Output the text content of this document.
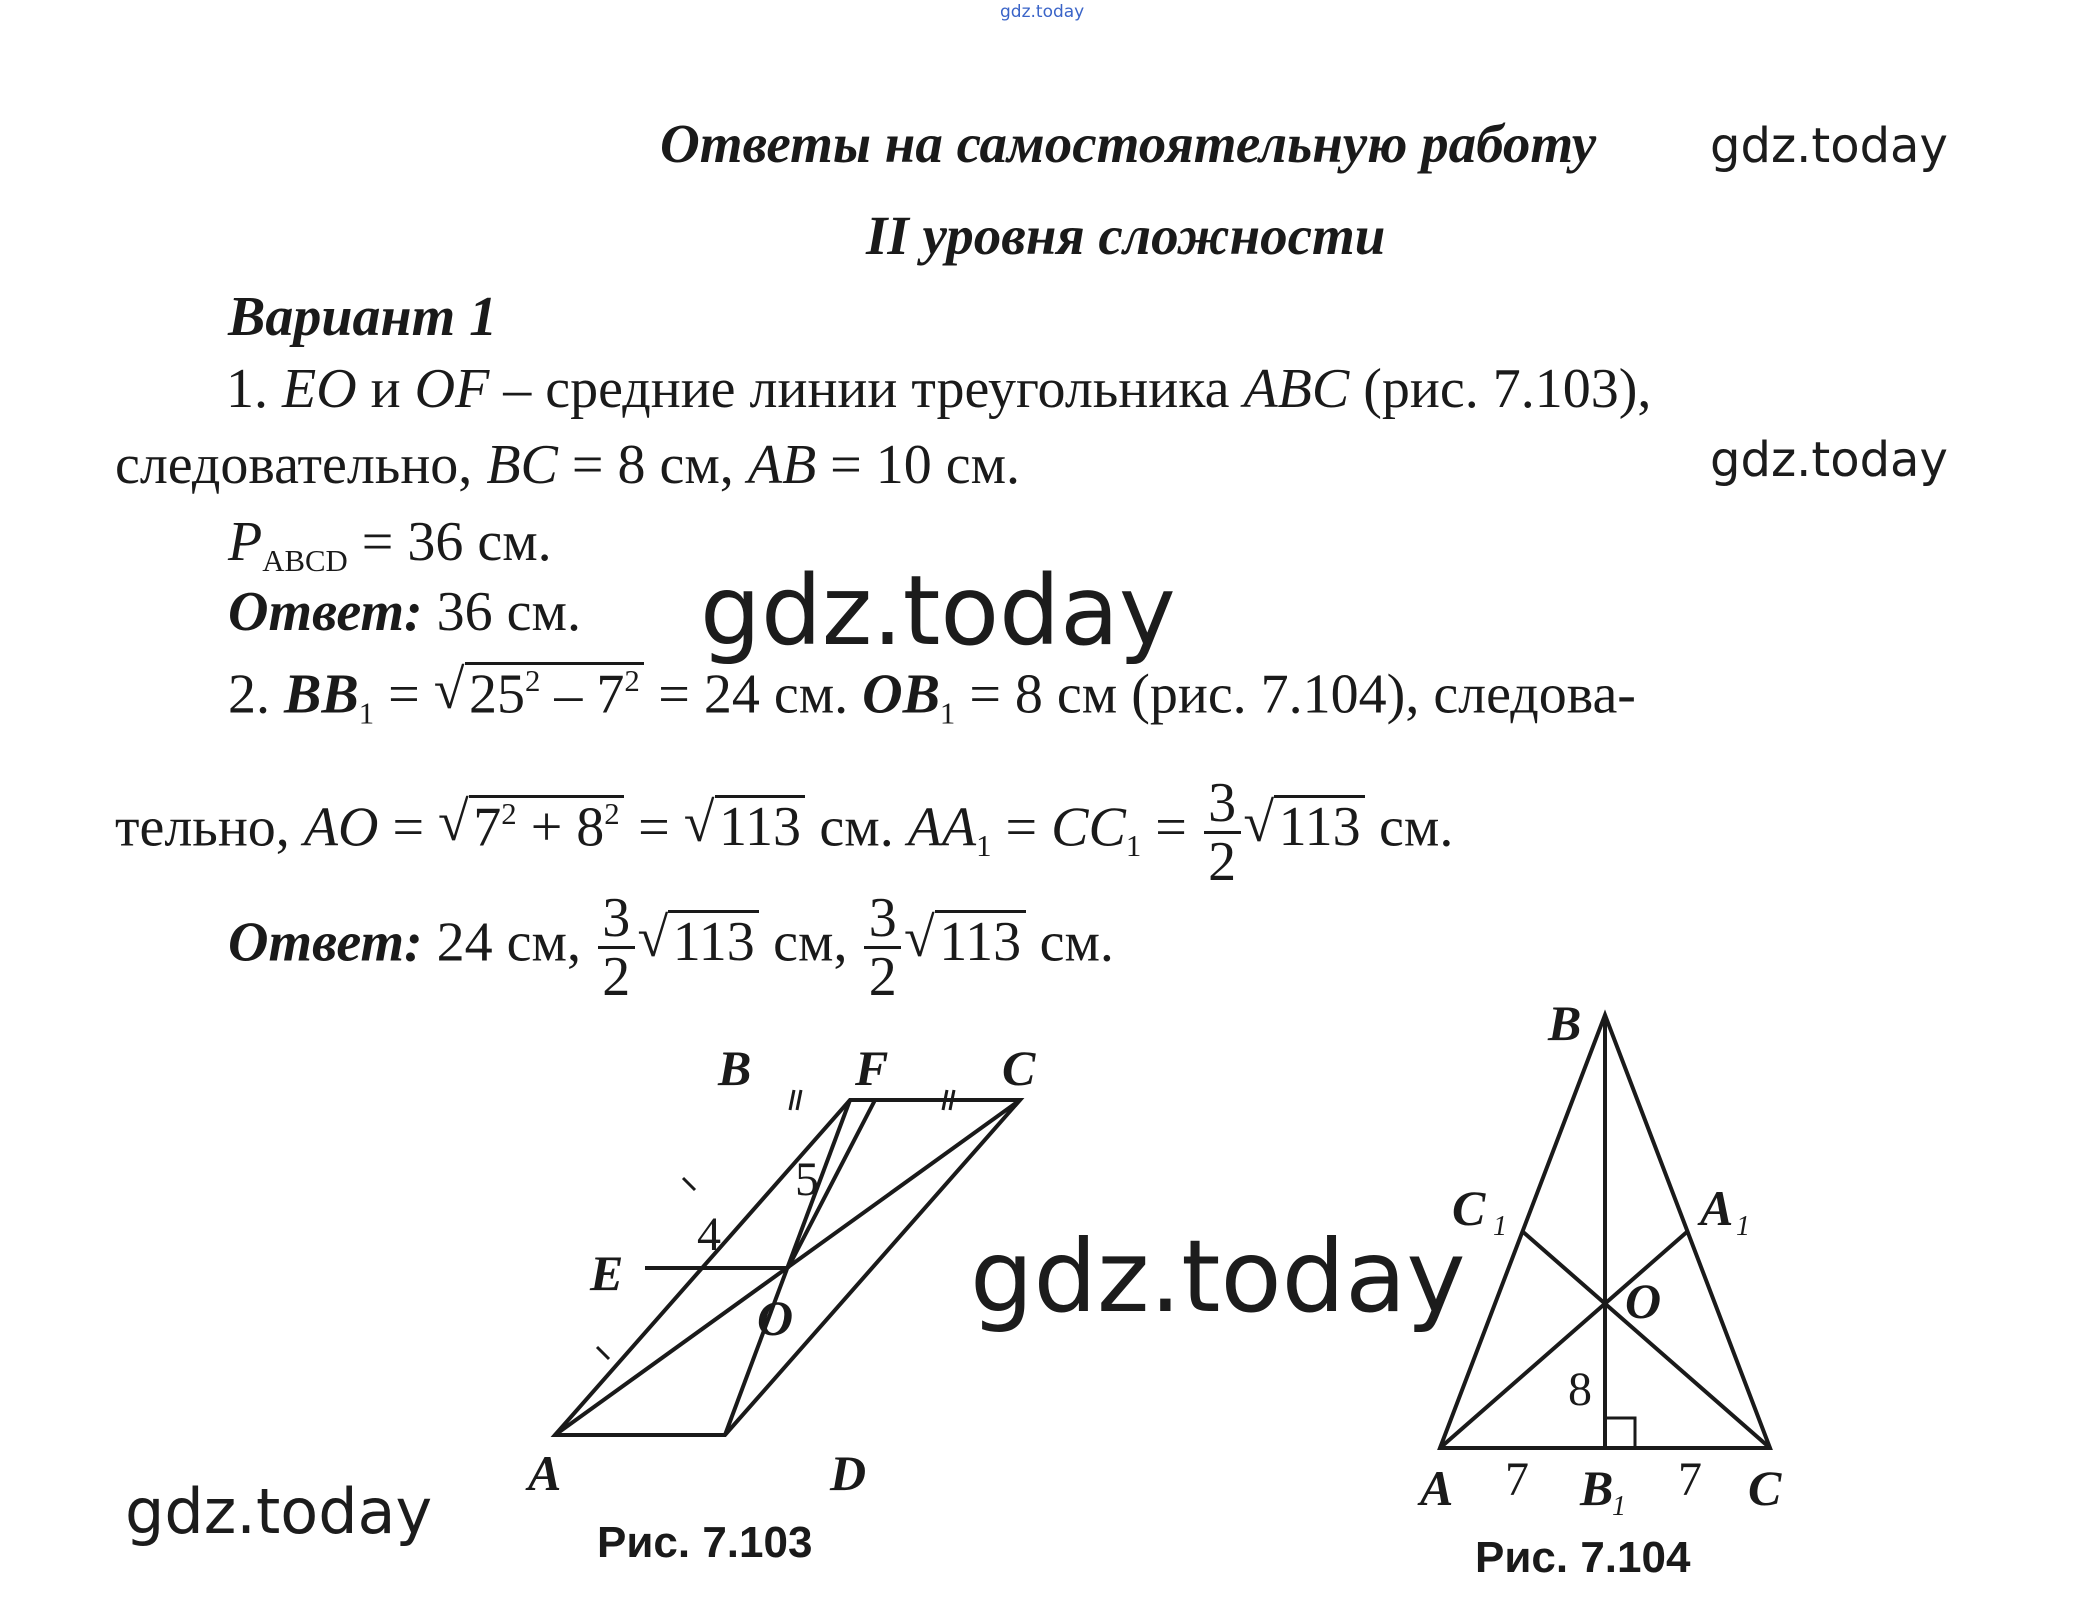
gdz.today
Ответы на самостоятельную работу gdz.today
II уровня сложности
Вариант 1
1. EO и OF – средние линии треугольника ABC (рис. 7.103),
следовательно, BC = 8 см, AB = 10 см.	gdz.today
$P_{ABCD} = 36$ см.
Ответ: 36 см. gdz.today
2. $BB_1$ = √ $25^2 - 7^2 = 24$ см. $OB_1 = 8$ см (рис. 7.104), следова-
тельно, AO = √ $7^2 + 8^2$ = √ 113 см. $AA_1 = CC_1 = \frac{3}{2}$ √ 113 см.
Ответ: 24 см, $\frac{3}{2}$ √ 113 см, $\frac{3}{2}$ √ 113 см.
B F C
E
O
A	D
4
5
Рис. 7.103
B
C	A
O
A	B	C
1	1
1
8
7	7
Рис. 7.104
gdz.today
gdz.today
